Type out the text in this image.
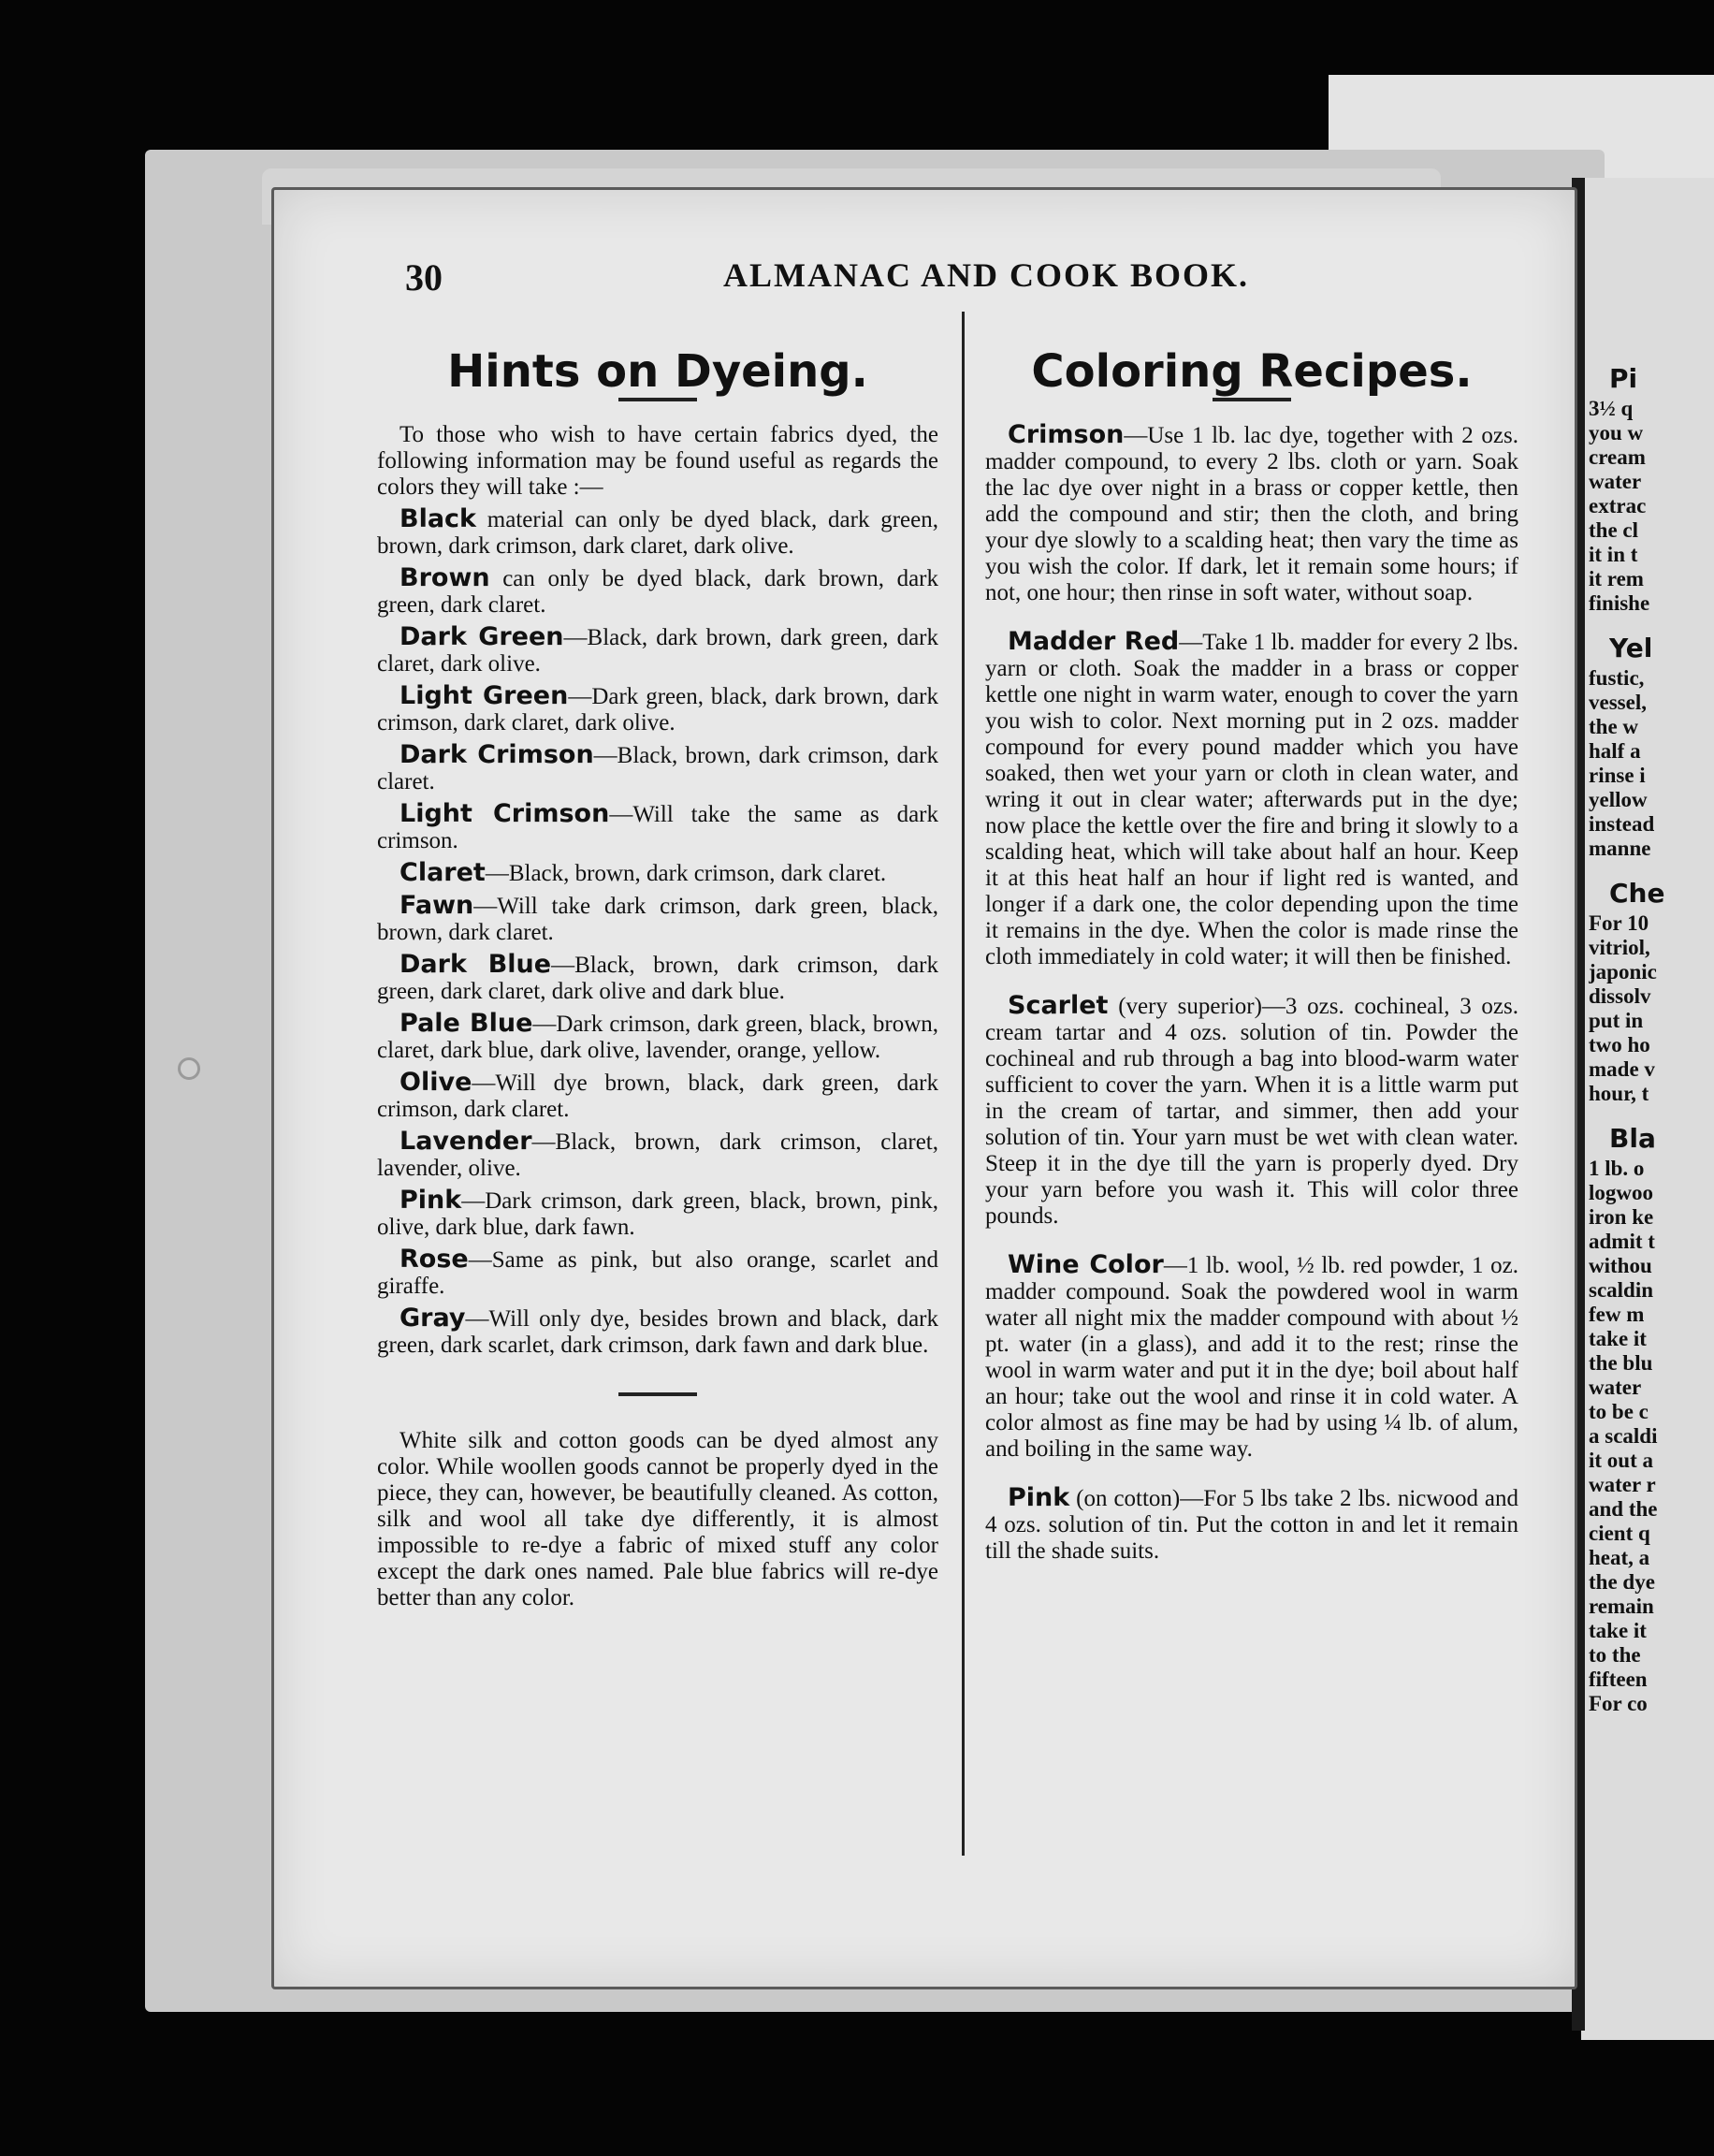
Pi
3½ q
you w
cream
water
extrac
the cl
it in t
it rem
finishe
Yel
fustic,
vessel,
the w
half a
rinse i
yellow
instead
manne
Che
For 10
vitriol,
japonic
dissolv
put in
two ho
made v
hour, t
Bla
1 lb. o
logwoo
iron ke
admit t
withou
scaldin
few m
take it
the blu
water
to be c
a scaldi
it out a
water r
and the
cient q
heat, a
the dye
remain
take it
to the
fifteen
For co
30	ALMANAC AND COOK BOOK.
Hints on Dyeing.

To those who wish to have certain fabrics dyed, the following information may be found useful as regards the colors they will take :—

Black material can only be dyed black, dark green, brown, dark crimson, dark claret, dark olive.

Brown can only be dyed black, dark brown, dark green, dark claret.

Dark Green—Black, dark brown, dark green, dark claret, dark olive.

Light Green—Dark green, black, dark brown, dark crimson, dark claret, dark olive.

Dark Crimson—Black, brown, dark crimson, dark claret.

Light Crimson—Will take the same as dark crimson.

Claret—Black, brown, dark crimson, dark claret.

Fawn—Will take dark crimson, dark green, black, brown, dark claret.

Dark Blue—Black, brown, dark crimson, dark green, dark claret, dark olive and dark blue.

Pale Blue—Dark crimson, dark green, black, brown, claret, dark blue, dark olive, lavender, orange, yellow.

Olive—Will dye brown, black, dark green, dark crimson, dark claret.

Lavender—Black, brown, dark crimson, claret, lavender, olive.

Pink—Dark crimson, dark green, black, brown, pink, olive, dark blue, dark fawn.

Rose—Same as pink, but also orange, scarlet and giraffe.

Gray—Will only dye, besides brown and black, dark green, dark scarlet, dark crimson, dark fawn and dark blue.

White silk and cotton goods can be dyed almost any color. While woollen goods cannot be properly dyed in the piece, they can, however, be beautifully cleaned. As cotton, silk and wool all take dye differently, it is almost impossible to re-dye a fabric of mixed stuff any color except the dark ones named. Pale blue fabrics will re-dye better than any color.

Coloring Recipes.

Crimson—Use 1 lb. lac dye, together with 2 ozs. madder compound, to every 2 lbs. cloth or yarn. Soak the lac dye over night in a brass or copper kettle, then add the compound and stir; then the cloth, and bring your dye slowly to a scalding heat; then vary the time as you wish the color. If dark, let it remain some hours; if not, one hour; then rinse in soft water, without soap.

Madder Red—Take 1 lb. madder for every 2 lbs. yarn or cloth. Soak the madder in a brass or copper kettle one night in warm water, enough to cover the yarn you wish to color. Next morning put in 2 ozs. madder compound for every pound madder which you have soaked, then wet your yarn or cloth in clean water, and wring it out in clear water; afterwards put in the dye; now place the kettle over the fire and bring it slowly to a scalding heat, which will take about half an hour. Keep it at this heat half an hour if light red is wanted, and longer if a dark one, the color depending upon the time it remains in the dye. When the color is made rinse the cloth immediately in cold water; it will then be finished.

Scarlet (very superior)—3 ozs. cochineal, 3 ozs. cream tartar and 4 ozs. solution of tin. Powder the cochineal and rub through a bag into blood-warm water sufficient to cover the yarn. When it is a little warm put in the cream of tartar, and simmer, then add your solution of tin. Your yarn must be wet with clean water. Steep it in the dye till the yarn is properly dyed. Dry your yarn before you wash it. This will color three pounds.

Wine Color—1 lb. wool, ½ lb. red powder, 1 oz. madder compound. Soak the powdered wool in warm water all night mix the madder compound with about ½ pt. water (in a glass), and add it to the rest; rinse the wool in warm water and put it in the dye; boil about half an hour; take out the wool and rinse it in cold water. A color almost as fine may be had by using ¼ lb. of alum, and boiling in the same way.

Pink (on cotton)—For 5 lbs take 2 lbs. nicwood and 4 ozs. solution of tin. Put the cotton in and let it remain till the shade suits.
